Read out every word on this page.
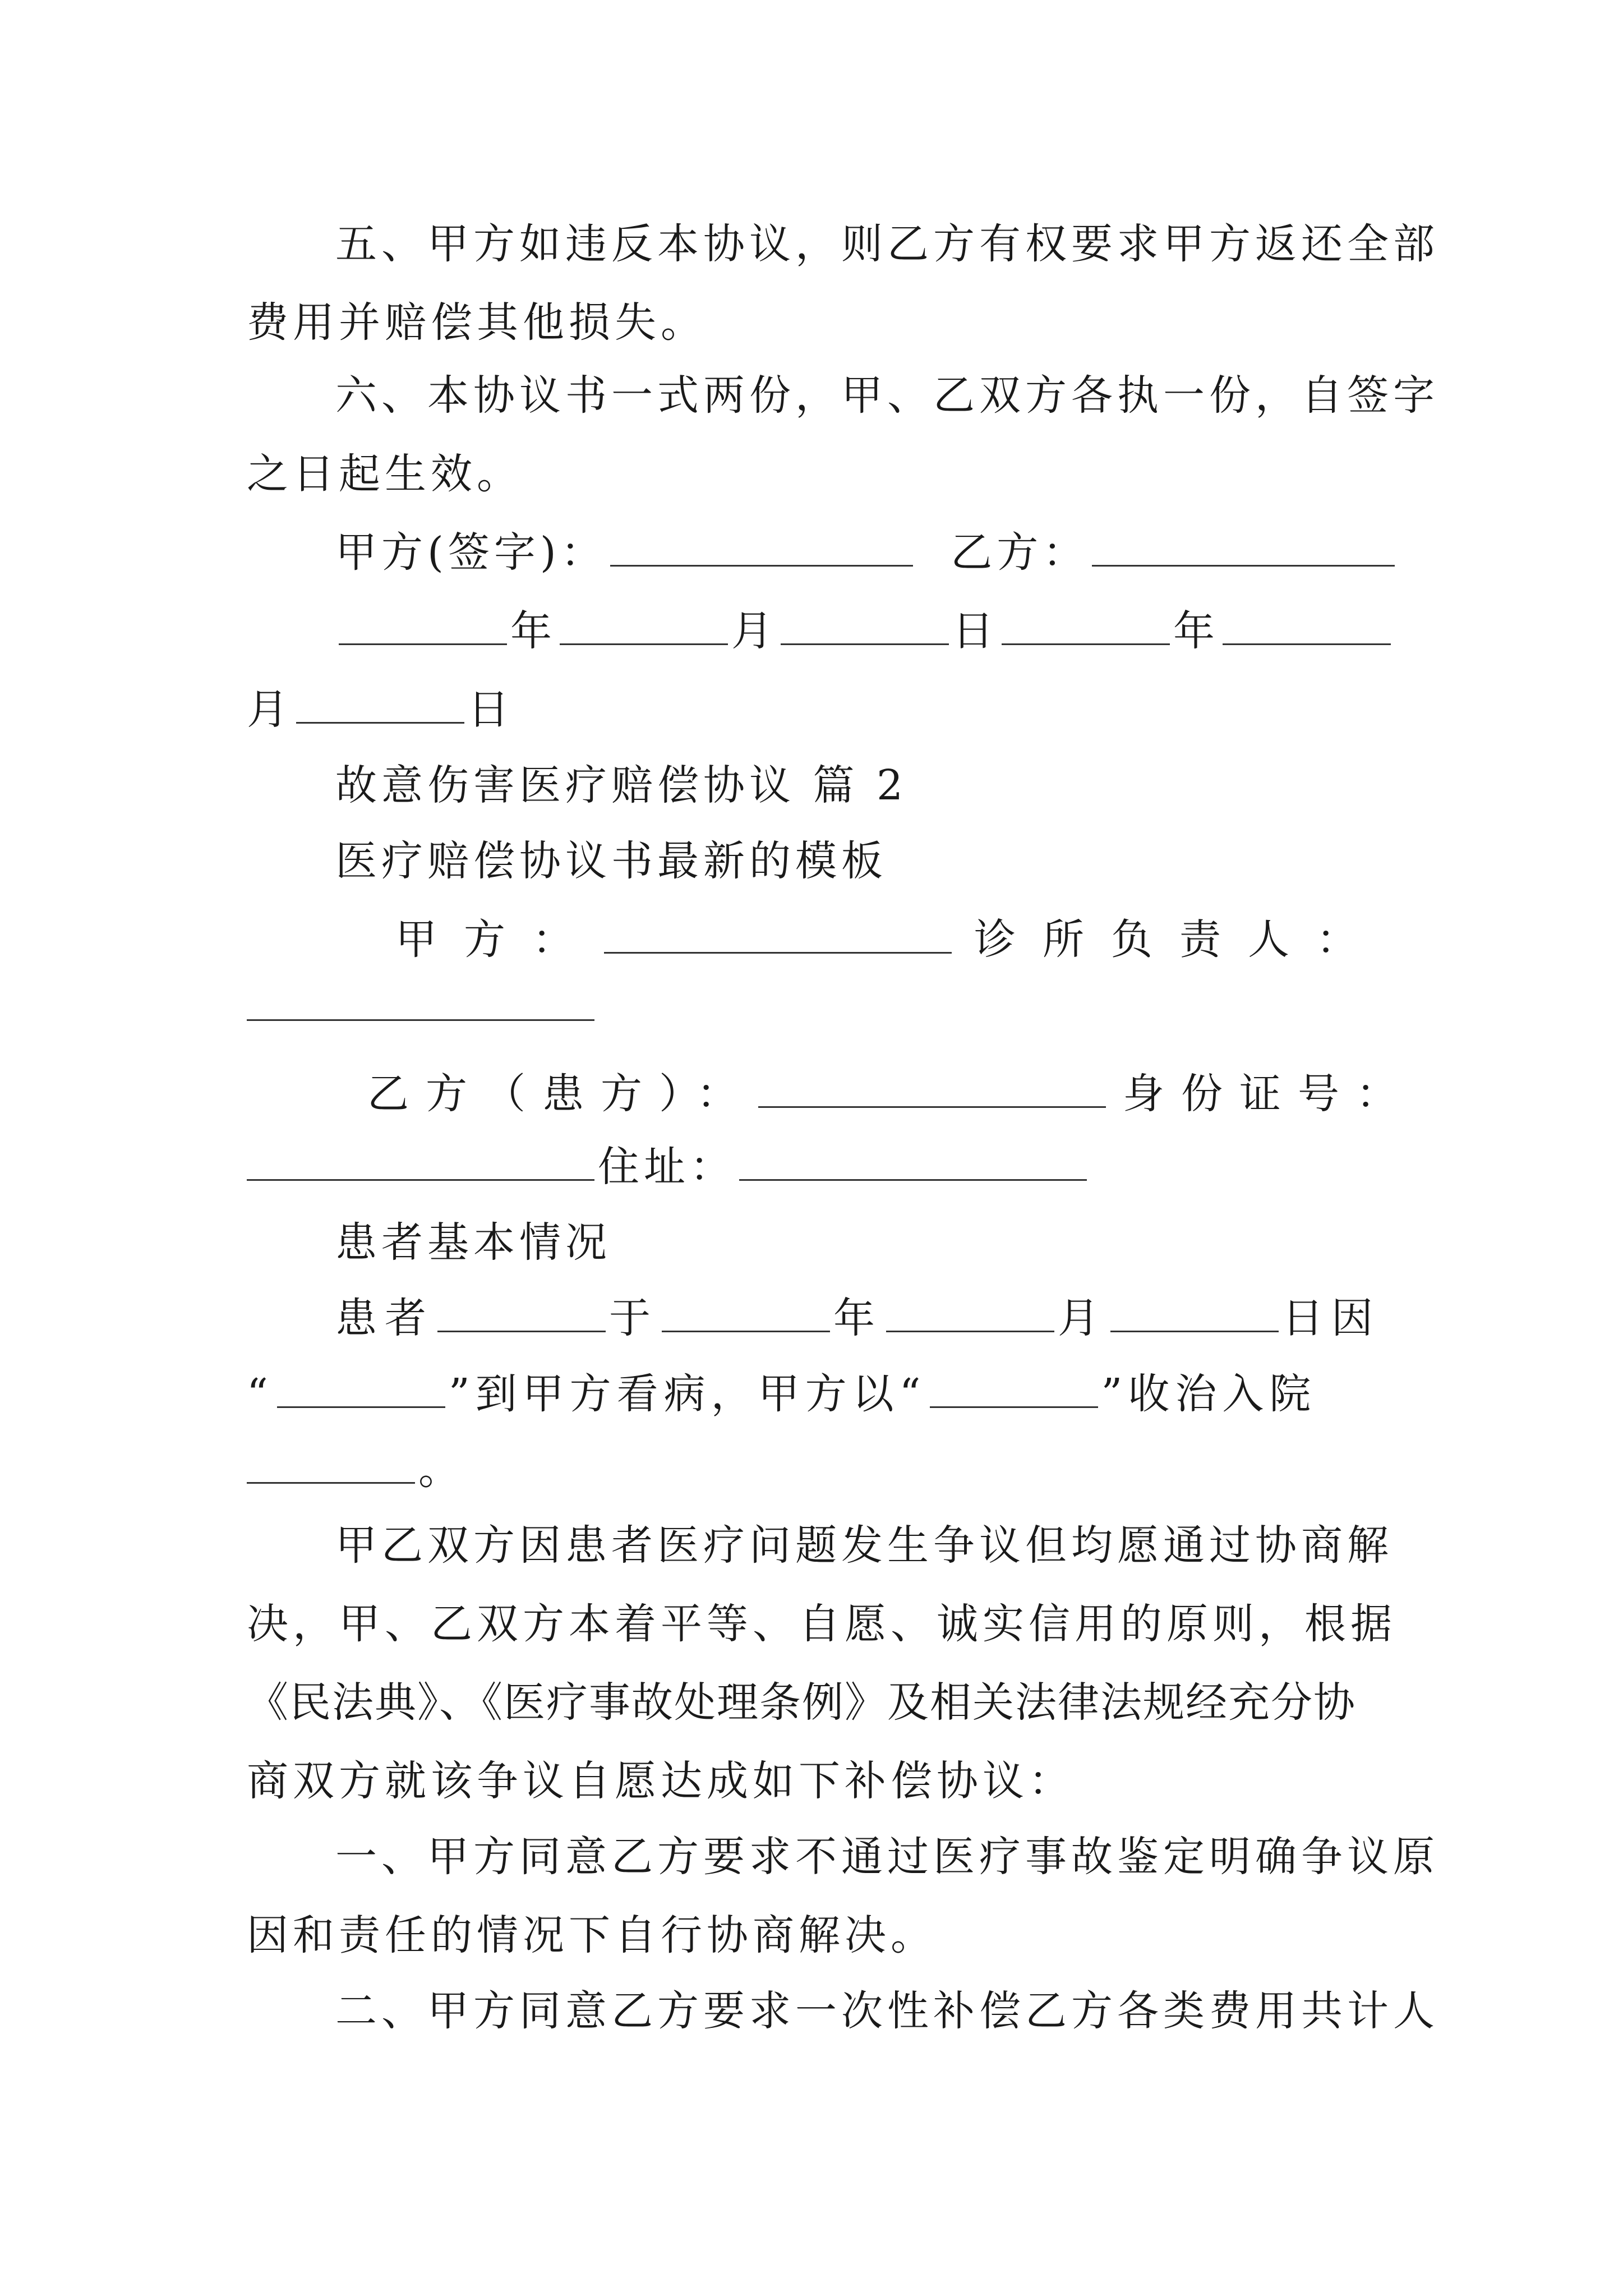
五、甲方如违反本协议，则乙方有权要求甲方返还全部
费用并赔偿其他损失。
六、本协议书一式两份，甲、乙双方各执一份，自签字
之日起生效。
甲方(签字)：	乙方：
年	月	日	年
月	日
故意伤害医疗赔偿协议 篇 2
医疗赔偿协议书最新的模板
甲方：	诊所负责人：
乙方（患方）：	身份证号：
住址：
患者基本情况
患者	于	年	月	日因
“	”到甲方看病，甲方以“	”收治入院
。
甲乙双方因患者医疗问题发生争议但均愿通过协商解
决，甲、乙双方本着平等、自愿、诚实信用的原则，根据
《民法典》、《医疗事故处理条例》及相关法律法规经充分协
商双方就该争议自愿达成如下补偿协议：
一、甲方同意乙方要求不通过医疗事故鉴定明确争议原
因和责任的情况下自行协商解决。
二、甲方同意乙方要求一次性补偿乙方各类费用共计人
